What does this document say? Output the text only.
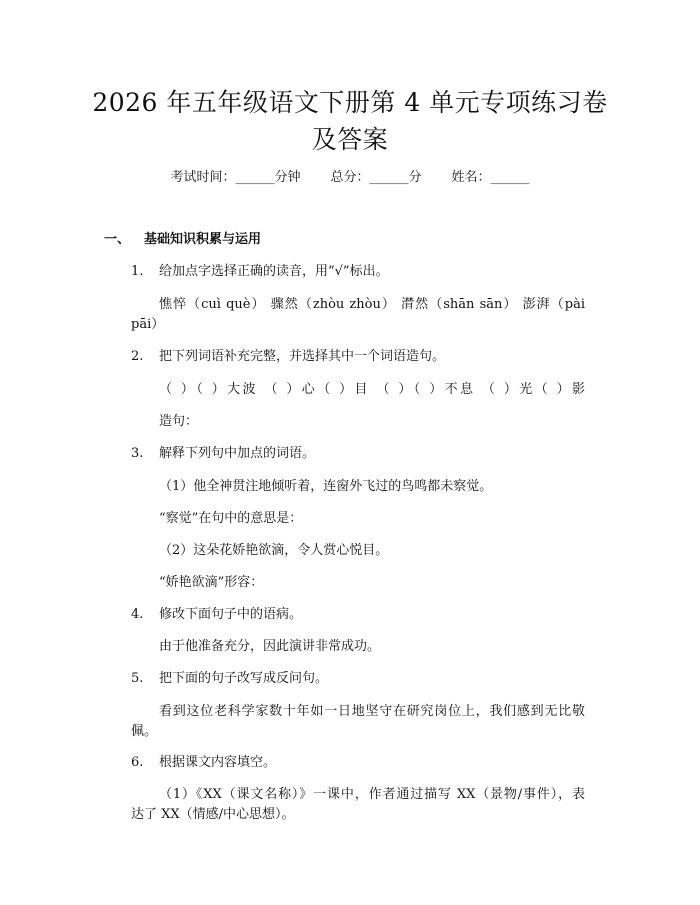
2026 年五年级语文下册第 4 单元专项练习卷
及答案
考试时间：______分钟 总分：______分 姓名：______
一、 基础知识积累与运用
1. 给加点字选择正确的读音，用“√”标出。
憔悴（cuì què） 骤然（zhòu zhòu） 潸然（shān sān） 澎湃（pài
pāi）
2. 把下列词语补充完整，并选择其中一个词语造句。
（ ）（ ）大波 （ ）心（ ）目 （ ）（ ）不息 （ ）光（ ）影
造句：
3. 解释下列句中加点的词语。
（1）他全神贯注地倾听着，连窗外飞过的鸟鸣都未察觉。
“察觉”在句中的意思是：
（2）这朵花娇艳欲滴，令人赏心悦目。
“娇艳欲滴”形容：
4. 修改下面句子中的语病。
由于他准备充分，因此演讲非常成功。
5. 把下面的句子改写成反问句。
看到这位老科学家数十年如一日地坚守在研究岗位上，我们感到无比敬
佩。
6. 根据课文内容填空。
（1）《XX（课文名称）》一课中，作者通过描写 XX（景物/事件），表
达了 XX（情感/中心思想）。
